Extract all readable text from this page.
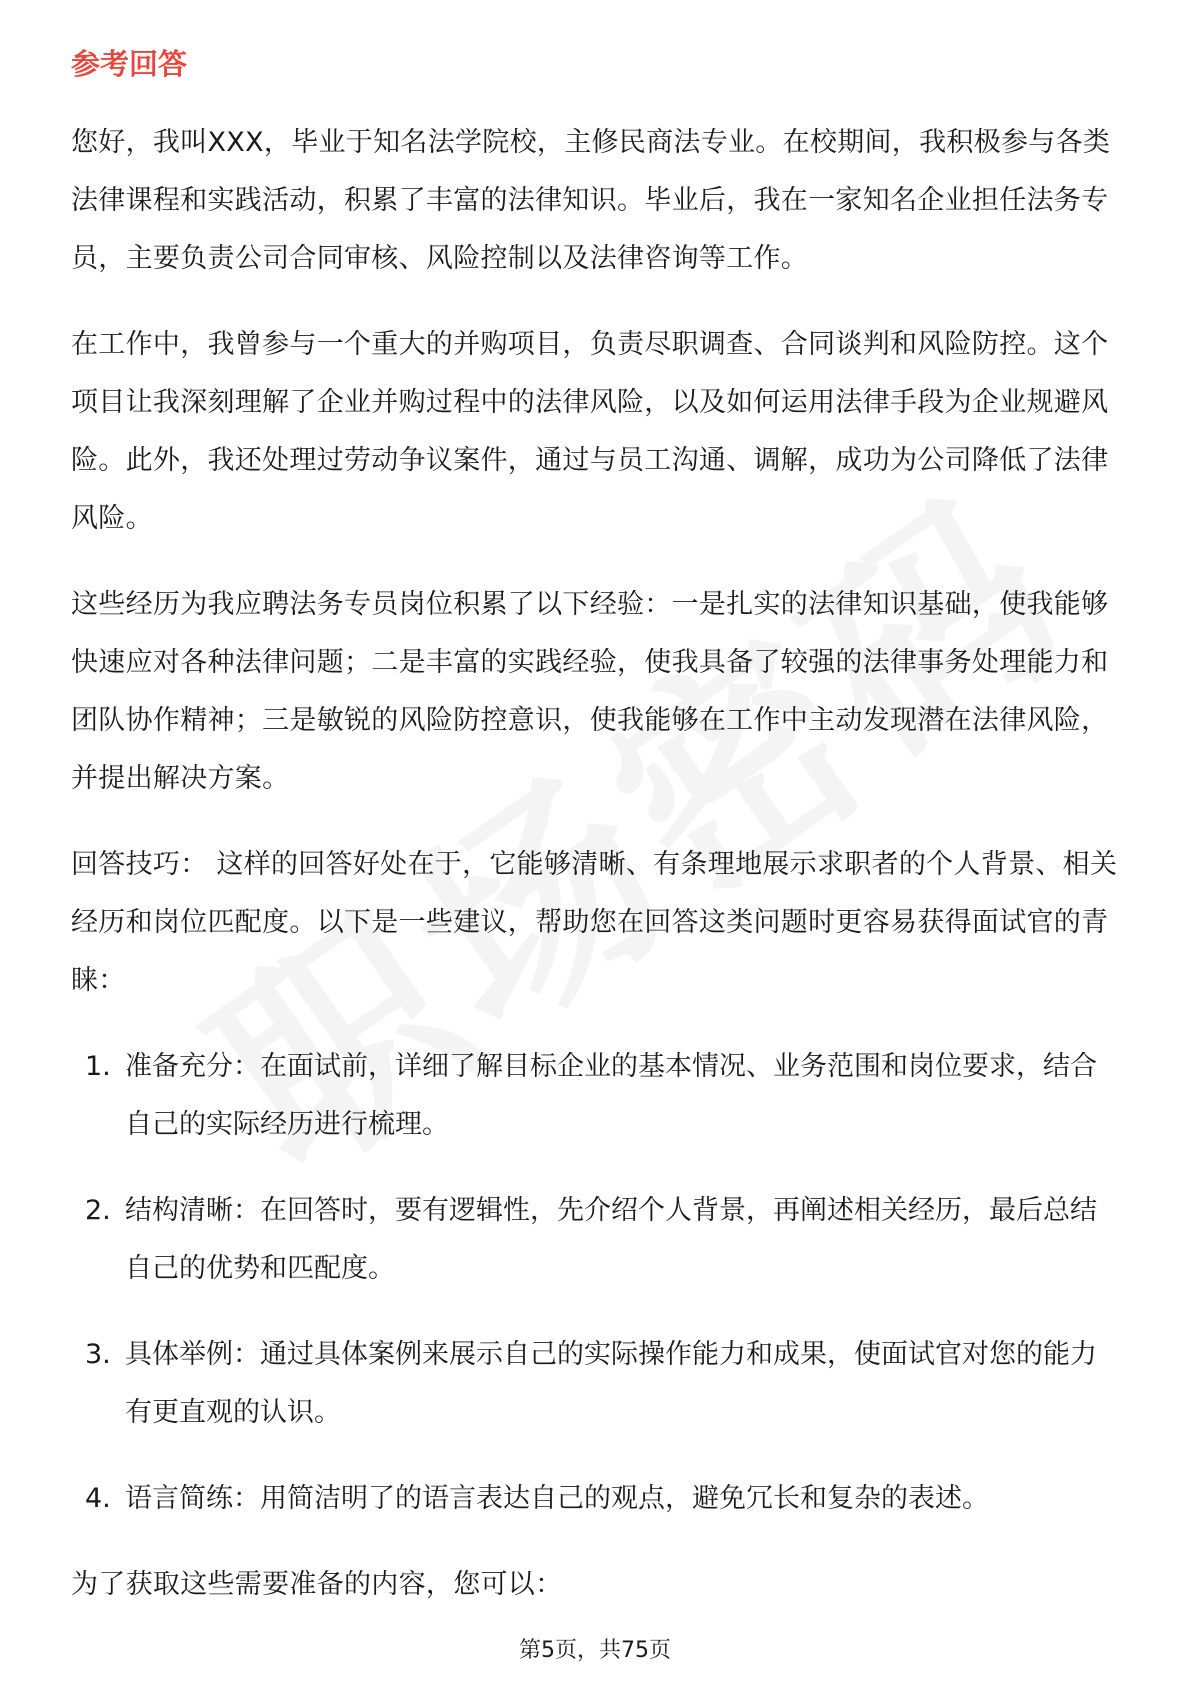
参考回答

您好，我叫XXX，毕业于知名法学院校，主修民商法专业。在校期间，我积极参与各类法律课程和实践活动，积累了丰富的法律知识。毕业后，我在一家知名企业担任法务专员，主要负责公司合同审核、风险控制以及法律咨询等工作。

在工作中，我曾参与一个重大的并购项目，负责尽职调查、合同谈判和风险防控。这个项目让我深刻理解了企业并购过程中的法律风险，以及如何运用法律手段为企业规避风险。此外，我还处理过劳动争议案件，通过与员工沟通、调解，成功为公司降低了法律风险。

这些经历为我应聘法务专员岗位积累了以下经验：一是扎实的法律知识基础，使我能够快速应对各种法律问题；二是丰富的实践经验，使我具备了较强的法律事务处理能力和团队协作精神；三是敏锐的风险防控意识，使我能够在工作中主动发现潜在法律风险，并提出解决方案。

回答技巧： 这样的回答好处在于，它能够清晰、有条理地展示求职者的个人背景、相关经历和岗位匹配度。以下是一些建议，帮助您在回答这类问题时更容易获得面试官的青睐：

1. 准备充分：在面试前，详细了解目标企业的基本情况、业务范围和岗位要求，结合自己的实际经历进行梳理。
2. 结构清晰：在回答时，要有逻辑性，先介绍个人背景，再阐述相关经历，最后总结自己的优势和匹配度。
3. 具体举例：通过具体案例来展示自己的实际操作能力和成果，使面试官对您的能力有更直观的认识。
4. 语言简练：用简洁明了的语言表达自己的观点，避免冗长和复杂的表述。

为了获取这些需要准备的内容，您可以：

第5页，共75页
